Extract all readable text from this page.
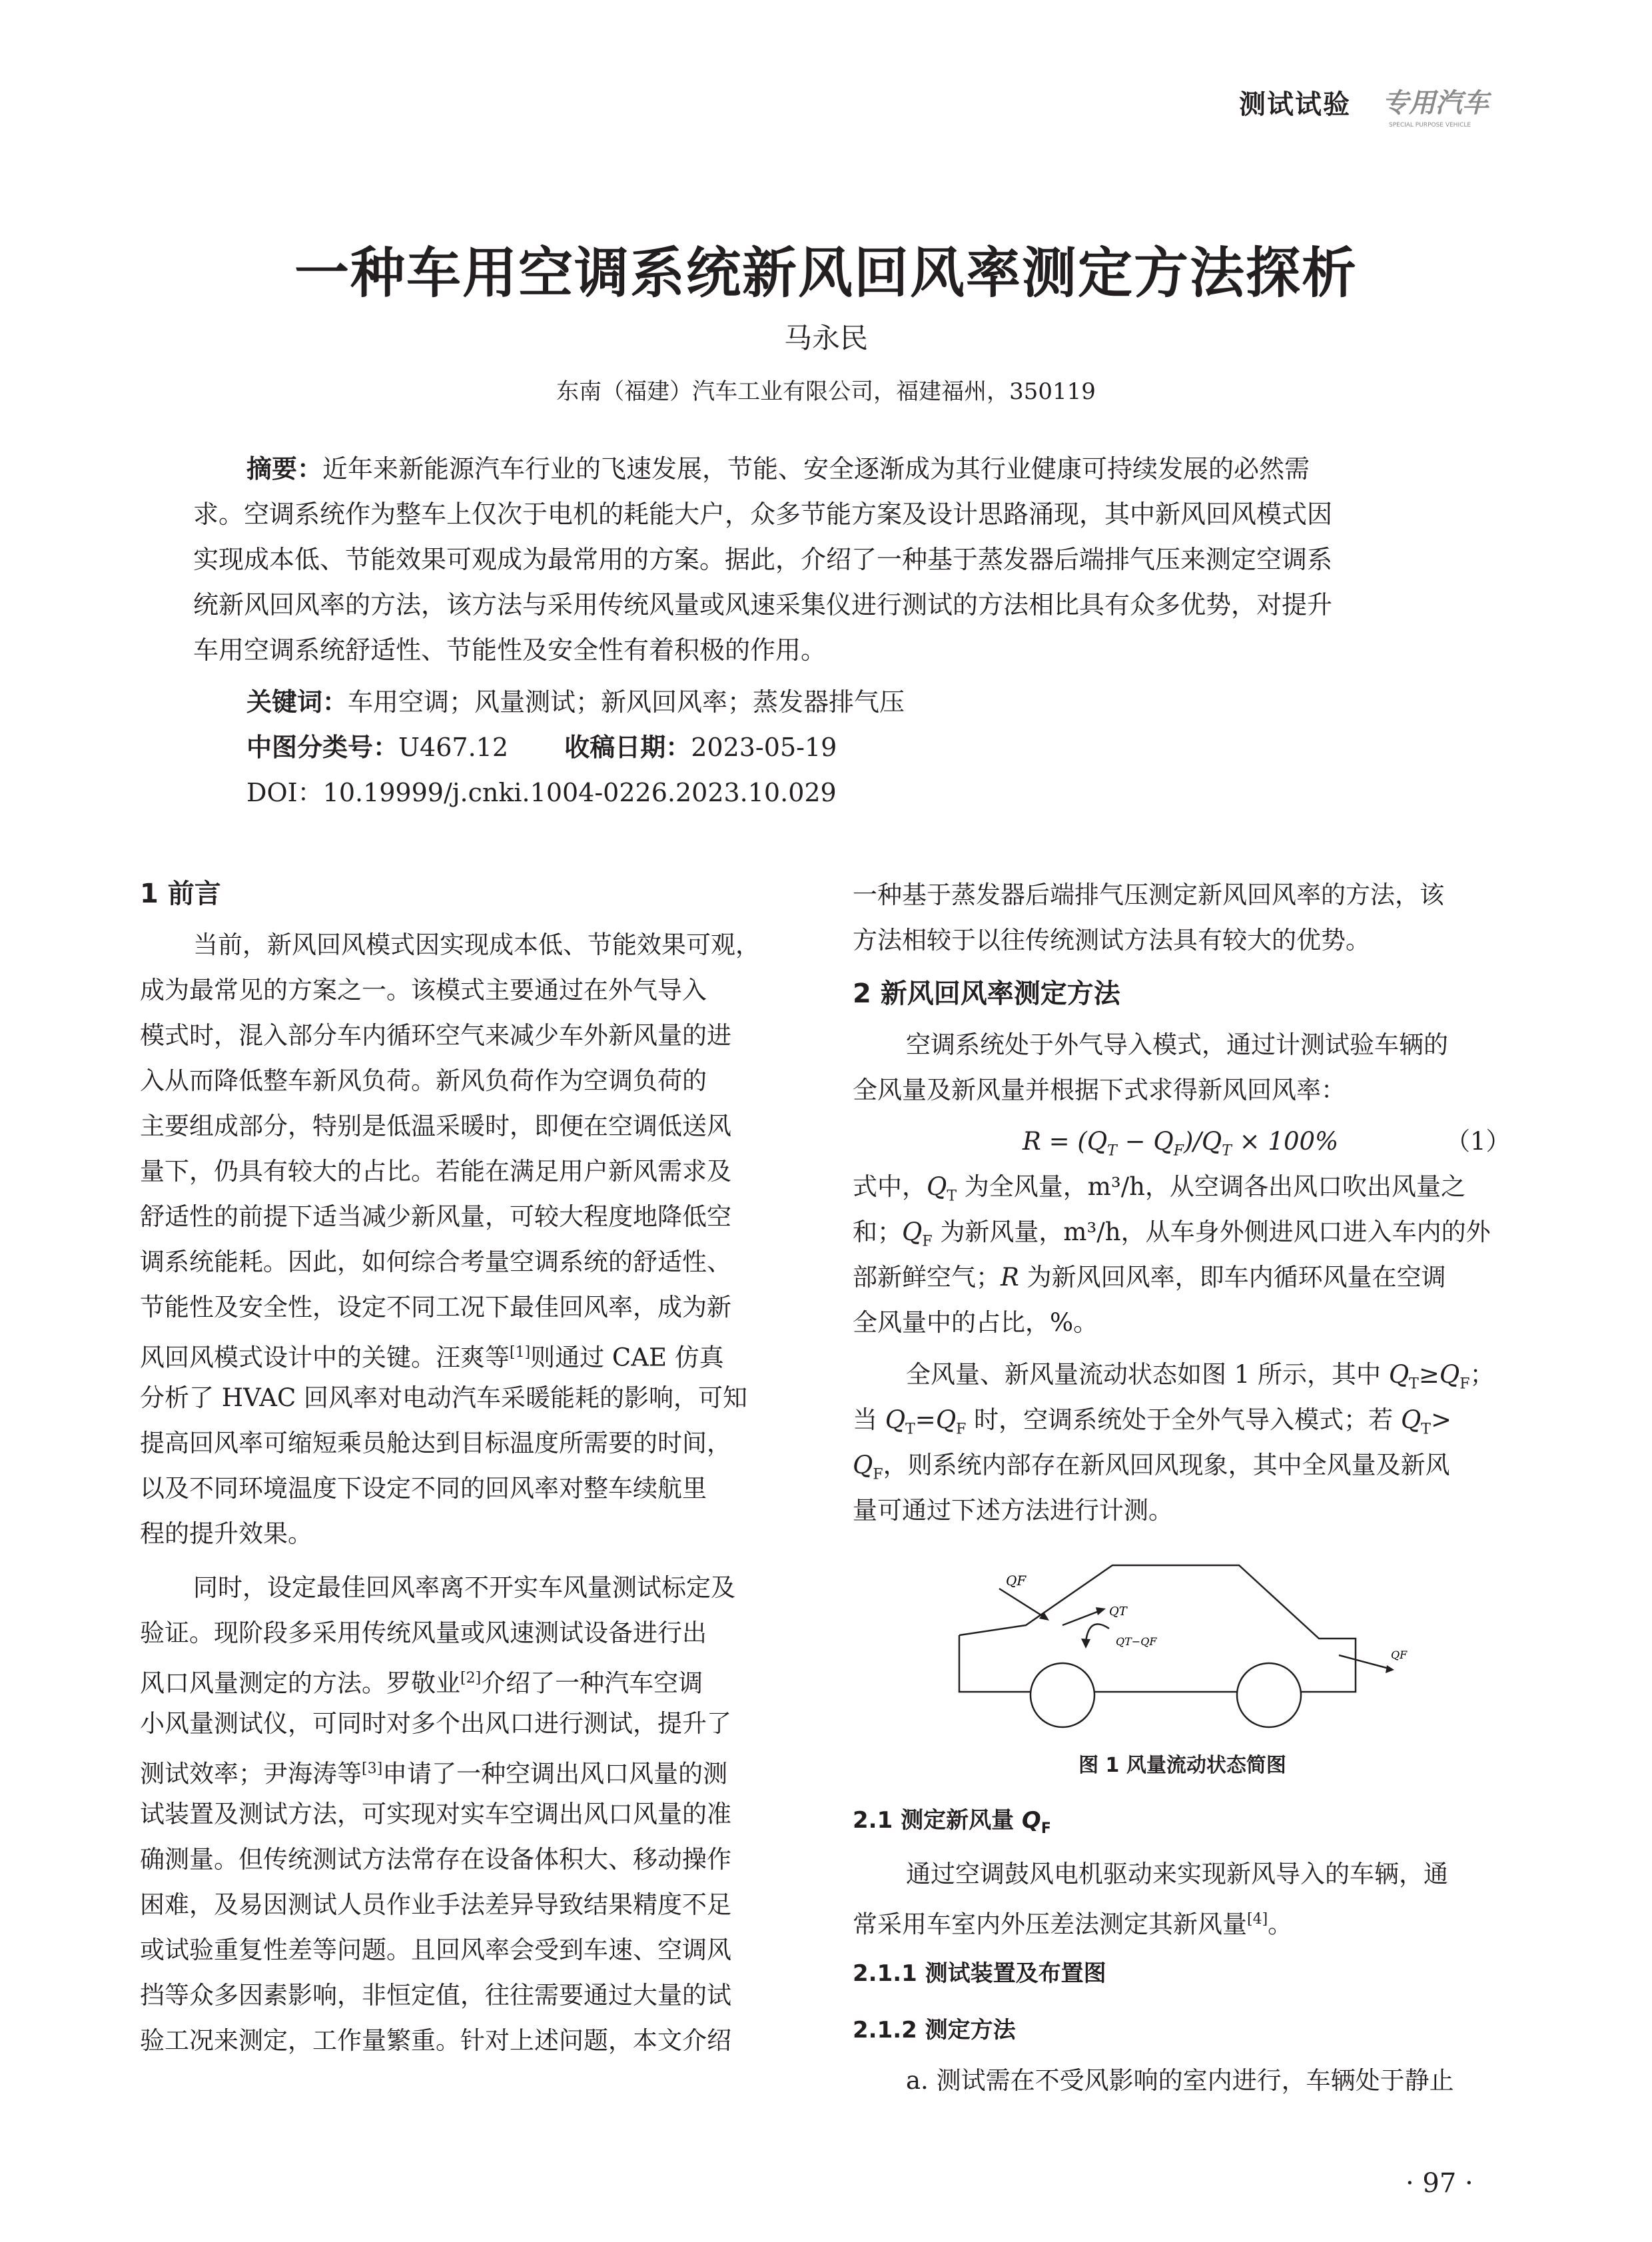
测试试验 专用汽车
SPECIAL PURPOSE VEHICLE
一种车用空调系统新风回风率测定方法探析
马永民
东南（福建）汽车工业有限公司，福建福州，350119
摘要：近年来新能源汽车行业的飞速发展，节能、安全逐渐成为其行业健康可持续发展的必然需
求。空调系统作为整车上仅次于电机的耗能大户，众多节能方案及设计思路涌现，其中新风回风模式因
实现成本低、节能效果可观成为最常用的方案。据此，介绍了一种基于蒸发器后端排气压来测定空调系
统新风回风率的方法，该方法与采用传统风量或风速采集仪进行测试的方法相比具有众多优势，对提升
车用空调系统舒适性、节能性及安全性有着积极的作用。
关键词：车用空调；风量测试；新风回风率；蒸发器排气压
中图分类号：U467.12 收稿日期：2023-05-19
DOI：10.19999/j.cnki.1004-0226.2023.10.029
1 前言
当前，新风回风模式因实现成本低、节能效果可观，
成为最常见的方案之一。该模式主要通过在外气导入
模式时，混入部分车内循环空气来减少车外新风量的进
入从而降低整车新风负荷。新风负荷作为空调负荷的
主要组成部分，特别是低温采暖时，即便在空调低送风
量下，仍具有较大的占比。若能在满足用户新风需求及
舒适性的前提下适当减少新风量，可较大程度地降低空
调系统能耗。因此，如何综合考量空调系统的舒适性、
节能性及安全性，设定不同工况下最佳回风率，成为新
风回风模式设计中的关键。汪爽等[1]则通过 CAE 仿真
分析了 HVAC 回风率对电动汽车采暖能耗的影响，可知
提高回风率可缩短乘员舱达到目标温度所需要的时间，
以及不同环境温度下设定不同的回风率对整车续航里
程的提升效果。
同时，设定最佳回风率离不开实车风量测试标定及
验证。现阶段多采用传统风量或风速测试设备进行出
风口风量测定的方法。罗敬业[2]介绍了一种汽车空调
小风量测试仪，可同时对多个出风口进行测试，提升了
测试效率；尹海涛等[3]申请了一种空调出风口风量的测
试装置及测试方法，可实现对实车空调出风口风量的准
确测量。但传统测试方法常存在设备体积大、移动操作
困难，及易因测试人员作业手法差异导致结果精度不足
或试验重复性差等问题。且回风率会受到车速、空调风
挡等众多因素影响，非恒定值，往往需要通过大量的试
验工况来测定，工作量繁重。针对上述问题，本文介绍
一种基于蒸发器后端排气压测定新风回风率的方法，该
方法相较于以往传统测试方法具有较大的优势。
2 新风回风率测定方法
空调系统处于外气导入模式，通过计测试验车辆的
全风量及新风量并根据下式求得新风回风率：
$R = (Q_T - Q_F)/Q_T \times 100\%$	（1）
式中，$Q_T$ 为全风量，m³/h，从空调各出风口吹出风量之
和；$Q_F$ 为新风量，m³/h，从车身外侧进风口进入车内的外
部新鲜空气；R 为新风回风率，即车内循环风量在空调
全风量中的占比，%。
全风量、新风量流动状态如图 1 所示，其中 $Q_T\ge Q_F$；
当 $Q_T=Q_F$ 时，空调系统处于全外气导入模式；若 $Q_T>$
$Q_F$，则系统内部存在新风回风现象，其中全风量及新风
量可通过下述方法进行计测。
QF
QT
QT−QF
QF
图 1 风量流动状态简图
2.1 测定新风量 $Q_F$
通过空调鼓风电机驱动来实现新风导入的车辆，通
常采用车室内外压差法测定其新风量[4]。
2.1.1 测试装置及布置图
2.1.2 测定方法
a. 测试需在不受风影响的室内进行，车辆处于静止
· 97 ·
